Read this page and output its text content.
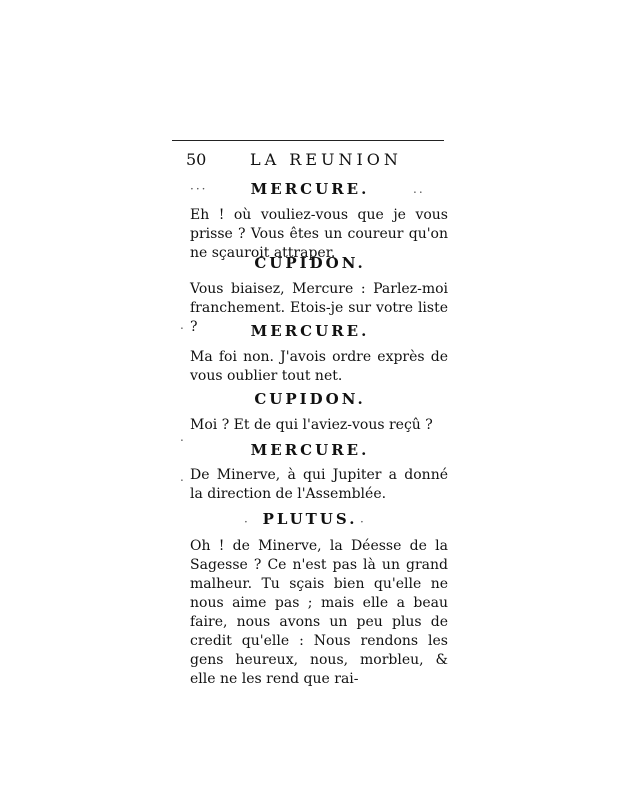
50	LA REUNION
···	..
MERCURE.
Eh ! où vouliez-vous que je vous prisse ? Vous êtes un coureur qu'on ne sçauroit attraper.
CUPIDON.
Vous biaisez, Mercure : Parlez-moi franchement. Etois-je sur votre liste ?
.	MERCURE.
Ma foi non. J'avois ordre exprès de vous oublier tout net.
CUPIDON.
Moi ? Et de qui l'aviez-vous reçû ?
.
MERCURE.
De Minerve, à qui Jupiter a donné la direction de l'Assemblée.
.
·	·
PLUTUS.
Oh ! de Minerve, la Déesse de la Sagesse ? Ce n'est pas là un grand malheur. Tu sçais bien qu'elle ne nous aime pas ; mais elle a beau faire, nous avons un peu plus de credit qu'elle : Nous rendons les gens heureux, nous, morbleu, & elle ne les rend que rai-
